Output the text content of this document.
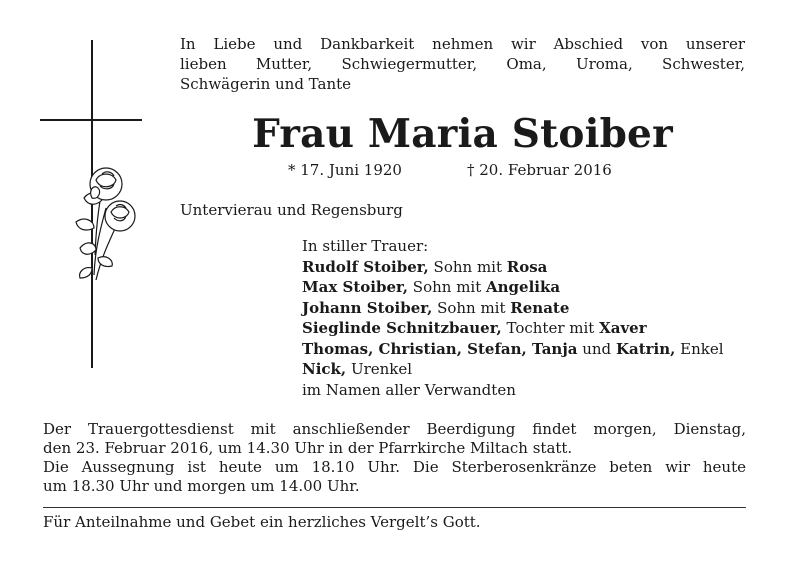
In Liebe und Dankbarkeit nehmen wir Abschied von unserer
lieben Mutter, Schwiegermutter, Oma, Uroma, Schwester,
Schwägerin und Tante
Frau Maria Stoiber
* 17. Juni 1920	† 20. Februar 2016
Untervierau und Regensburg
In stiller Trauer:
Rudolf Stoiber, Sohn mit Rosa
Max Stoiber, Sohn mit Angelika
Johann Stoiber, Sohn mit Renate
Sieglinde Schnitzbauer, Tochter mit Xaver
Thomas, Christian, Stefan, Tanja und Katrin, Enkel
Nick, Urenkel
im Namen aller Verwandten
Der Trauergottesdienst mit anschließender Beerdigung findet morgen, Dienstag,
den 23. Februar 2016, um 14.30 Uhr in der Pfarrkirche Miltach statt.
Die Aussegnung ist heute um 18.10 Uhr. Die Sterberosenkränze beten wir heute
um 18.30 Uhr und morgen um 14.00 Uhr.
Für Anteilnahme und Gebet ein herzliches Vergelt’s Gott.
